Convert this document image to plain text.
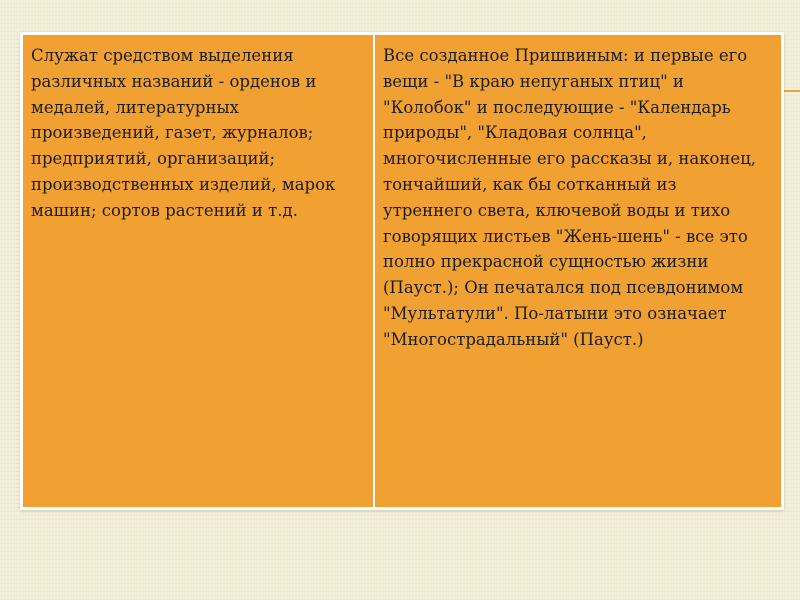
Служат средством выделения различных названий - орденов и медалей, литературных произведений, газет, журналов; предприятий, организаций; производственных изделий, марок машин; сортов растений и т.д.	Все созданное Пришвиным: и первые его вещи - "В краю непуганых птиц" и "Колобок" и последующие - "Календарь природы", "Кладовая солнца", многочисленные его рассказы и, наконец, тончайший, как бы сотканный из утреннего света, ключевой воды и тихо говорящих листьев "Жень-шень" - все это полно прекрасной сущностью жизни (Пауст.); Он печатался под псевдонимом "Мультатули". По-латыни это означает "Многострадальный" (Пауст.)
